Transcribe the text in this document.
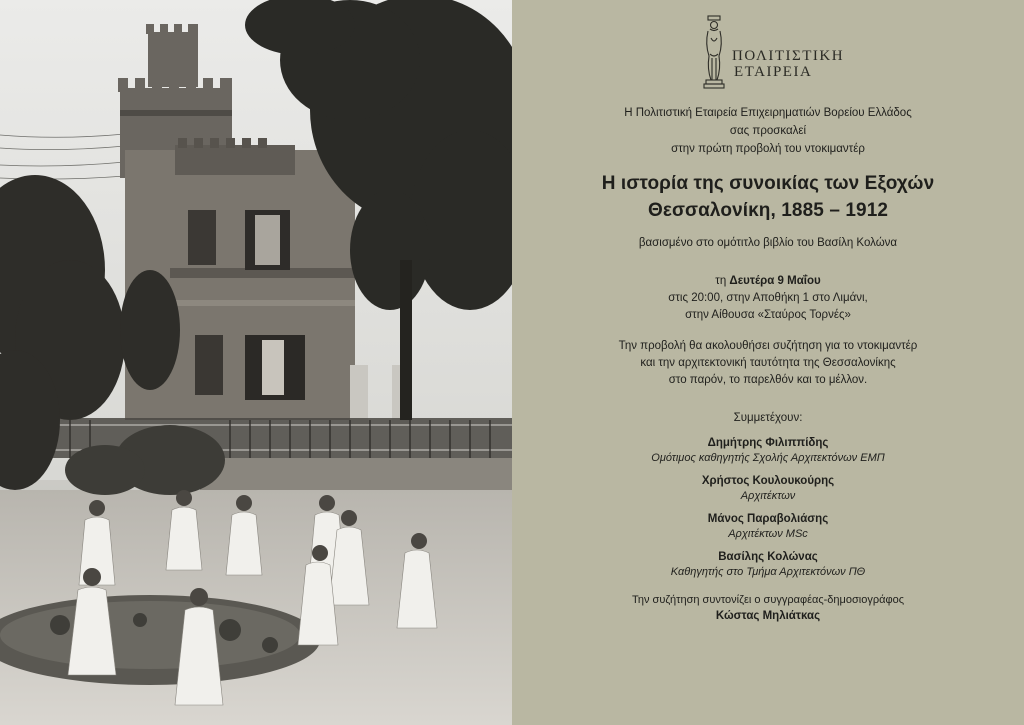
ΠΟΛΙΤΙΣΤΙΚΗ
ΕΤΑΙΡΕΙΑ
Η Πολιτιστική Εταιρεία Επιχειρηματιών Βορείου Ελλάδος
σας προσκαλεί
στην πρώτη προβολή του ντοκιμαντέρ
Η ιστορία της συνοικίας των Εξοχών
Θεσσαλονίκη, 1885 – 1912
βασισμένο στο ομότιτλο βιβλίο του Βασίλη Κολώνα
τη Δευτέρα 9 Μαΐου
στις 20:00, στην Αποθήκη 1 στο Λιμάνι,
στην Αίθουσα «Σταύρος Τορνές»
Την προβολή θα ακολουθήσει συζήτηση για το ντοκιμαντέρ
και την αρχιτεκτονική ταυτότητα της Θεσσαλονίκης
στο παρόν, το παρελθόν και το μέλλον.
Συμμετέχουν:
Δημήτρης Φιλιππίδης
Ομότιμος καθηγητής Σχολής Αρχιτεκτόνων ΕΜΠ
Χρήστος Κουλουκούρης
Αρχιτέκτων
Μάνος Παραβολιάσης
Αρχιτέκτων MSc
Βασίλης Κολώνας
Καθηγητής στο Τμήμα Αρχιτεκτόνων ΠΘ
Την συζήτηση συντονίζει ο συγγραφέας-δημοσιογράφος
Κώστας Μηλιάτκας
